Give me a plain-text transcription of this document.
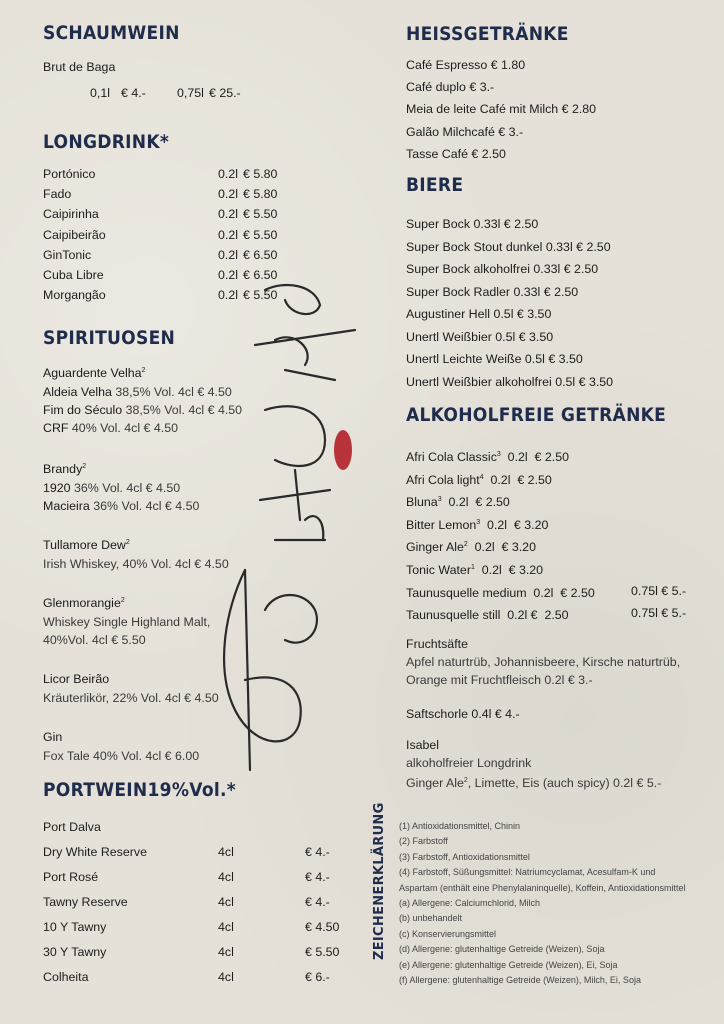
SCHAUMWEIN
Brut de Baga
0,1l € 4.-	0,75l € 25.-
LONGDRINK*
Portónico	0.2l € 5.80
Fado	0.2l € 5.80
Caipirinha	0.2l € 5.50
Caipibeirão	0.2l € 5.50
GinTonic	0.2l € 6.50
Cuba Libre	0.2l € 6.50
Morgangão	0.2l € 5.50
SPIRITUOSEN
Aguardente Velha$^2$
Aldeia Velha 38,5% Vol. 4cl € 4.50
Fim do Século 38,5% Vol. 4cl € 4.50
CRF 40% Vol. 4cl € 4.50
Brandy$^2$
1920 36% Vol. 4cl € 4.50
Macieira 36% Vol. 4cl € 4.50
Tullamore Dew$^2$
Irish Whiskey, 40% Vol. 4cl € 4.50
Glenmorangie$^2$
Whiskey Single Highland Malt,
40%Vol. 4cl € 5.50
Licor Beirão
Kräuterlikör, 22% Vol. 4cl € 4.50
Gin
Fox Tale 40% Vol. 4cl € 6.00
PORTWEIN19%Vol.*
Port Dalva
Dry White Reserve	4cl	€ 4.-
Port Rosé	4cl	€ 4.-
Tawny Reserve	4cl	€ 4.-
10 Y Tawny	4cl	€ 4.50
30 Y Tawny	4cl	€ 5.50
Colheita	4cl	€ 6.-
HEISSGETRÄNKE
Café Espresso € 1.80
Café duplo € 3.-
Meia de leite Café mit Milch € 2.80
Galão Milchcafé € 3.-
Tasse Café € 2.50
BIERE
Super Bock 0.33l € 2.50
Super Bock Stout dunkel 0.33l € 2.50
Super Bock alkoholfrei 0.33l € 2.50
Super Bock Radler 0.33l € 2.50
Augustiner Hell 0.5l € 3.50
Unertl Weißbier 0.5l € 3.50
Unertl Leichte Weiße 0.5l € 3.50
Unertl Weißbier alkoholfrei 0.5l € 3.50
ALKOHOLFREIE GETRÄNKE
Afri Cola Classic$^3$  0.2l  € 2.50
Afri Cola light$^4$  0.2l  € 2.50
Bluna$^3$  0.2l  € 2.50
Bitter Lemon$^3$  0.2l  € 3.20
Ginger Ale$^2$  0.2l  € 3.20
Tonic Water$^1$  0.2l  € 3.20
Taunusquelle medium  0.2l  € 2.50	0.75l € 5.-
Taunusquelle still  0.2l €  2.50	0.75l € 5.-
Fruchtsäfte
Apfel naturtrüb, Johannisbeere, Kirsche naturtrüb,
Orange mit Fruchtfleisch 0.2l € 3.-
Saftschorle 0.4l € 4.-
Isabel
alkoholfreier Longdrink
Ginger Ale$^2$, Limette, Eis (auch spicy) 0.2l € 5.-
ZEICHENERKLÄRUNG (1) Antioxidationsmittel, Chinin
(2) Farbstoff
(3) Farbstoff, Antioxidationsmittel
(4) Farbstoff, Süßungsmittel: Natriumcyclamat, Acesulfam-K und
Aspartam (enthält eine Phenylalaninquelle), Koffein, Antioxidationsmittel
(a) Allergene: Calciumchlorid, Milch
(b) unbehandelt
(c) Konservierungsmittel
(d) Allergene: glutenhaltige Getreide (Weizen), Soja
(e) Allergene: glutenhaltige Getreide (Weizen), Ei, Soja
(f) Allergene: glutenhaltige Getreide (Weizen), Milch, Ei, Soja
